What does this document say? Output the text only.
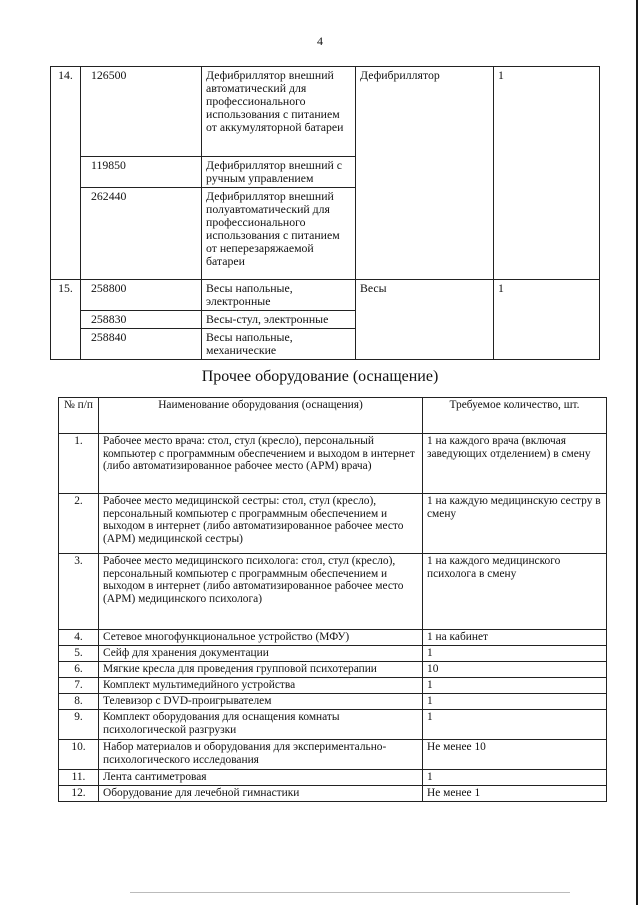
4
14.	126500	Дефибриллятор внешний автоматический для профессионального использования с питанием от аккумуляторной батареи	Дефибриллятор	1
	119850	Дефибриллятор внешний с ручным управлением		
	262440	Дефибриллятор внешний полуавтоматический для профессионального использования с питанием от неперезаряжаемой батареи		
15.	258800	Весы напольные, электронные	Весы	1
	258830	Весы-стул, электронные		
	258840	Весы напольные, механические		
Прочее оборудование (оснащение)
№ п/п	Наименование оборудования (оснащения)	Требуемое количество, шт.
1.	Рабочее место врача: стол, стул (кресло), персональный компьютер с программным обеспечением и выходом в интернет (либо автоматизированное рабочее место (АРМ) врача)	1 на каждого врача (включая заведующих отделением) в смену
2.	Рабочее место медицинской сестры: стол, стул (кресло), персональный компьютер с программным обеспечением и выходом в интернет (либо автоматизированное рабочее место (АРМ) медицинской сестры)	1 на каждую медицинскую сестру в смену
3.	Рабочее место медицинского психолога: стол, стул (кресло), персональный компьютер с программным обеспечением и выходом в интернет (либо автоматизированное рабочее место (АРМ) медицинского психолога)	1 на каждого медицинского психолога в смену
4.	Сетевое многофункциональное устройство (МФУ)	1 на кабинет
5.	Сейф для хранения документации	1
6.	Мягкие кресла для проведения групповой психотерапии	10
7.	Комплект мультимедийного устройства	1
8.	Телевизор с DVD-проигрывателем	1
9.	Комплект оборудования для оснащения комнаты психологической разгрузки	1
10.	Набор материалов и оборудования для экспериментально-психологического исследования	Не менее 10
11.	Лента сантиметровая	1
12.	Оборудование для лечебной гимнастики	Не менее 1
